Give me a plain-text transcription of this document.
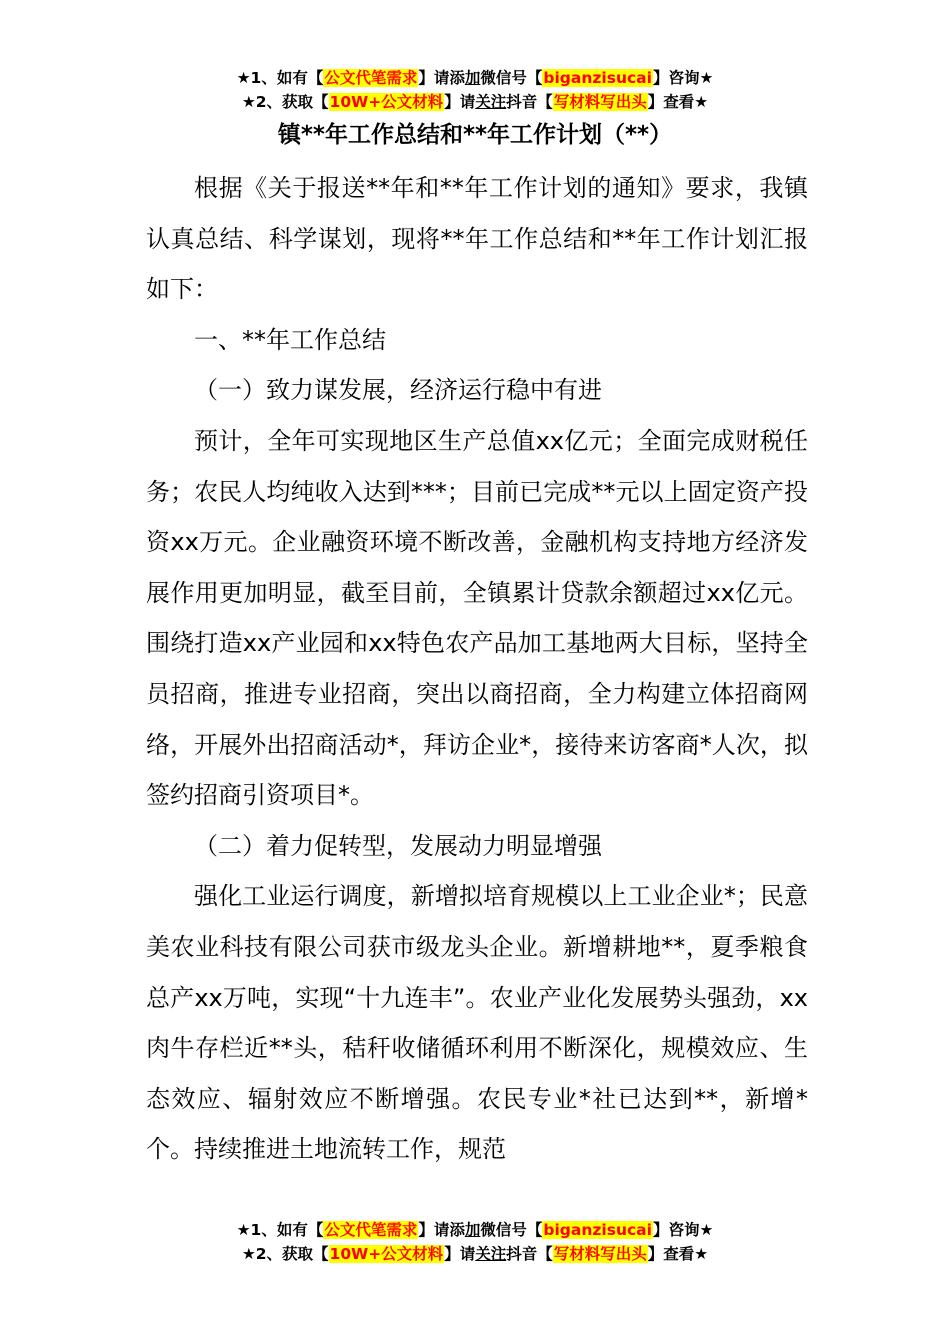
★1、如有【公文代笔需求】请添加微信号【biganzisucai】咨询★
★2、获取【10W+公文材料】请关注抖音【写材料写出头】查看★
镇**年工作总结和**年工作计划（**）

根据《关于报送**年和**年工作计划的通知》要求，我镇认真总结、科学谋划，现将**年工作总结和**年工作计划汇报如下：

一、**年工作总结

（一）致力谋发展，经济运行稳中有进

预计，全年可实现地区生产总值xx亿元；全面完成财税任务；农民人均纯收入达到***；目前已完成**元以上固定资产投资xx万元。企业融资环境不断改善，金融机构支持地方经济发展作用更加明显，截至目前，全镇累计贷款余额超过xx亿元。围绕打造xx产业园和xx特色农产品加工基地两大目标，坚持全员招商，推进专业招商，突出以商招商，全力构建立体招商网络，开展外出招商活动*，拜访企业*，接待来访客商*人次，拟签约招商引资项目*。

（二）着力促转型，发展动力明显增强

强化工业运行调度，新增拟培育规模以上工业企业*；民意美农业科技有限公司获市级龙头企业。新增耕地**，夏季粮食总产xx万吨，实现“十九连丰”。农业产业化发展势头强劲，xx肉牛存栏近**头，秸秆收储循环利用不断深化，规模效应、生态效应、辐射效应不断增强。农民专业*社已达到**，新增*个。持续推进土地流转工作，规范

★1、如有【公文代笔需求】请添加微信号【biganzisucai】咨询★
★2、获取【10W+公文材料】请关注抖音【写材料写出头】查看★
